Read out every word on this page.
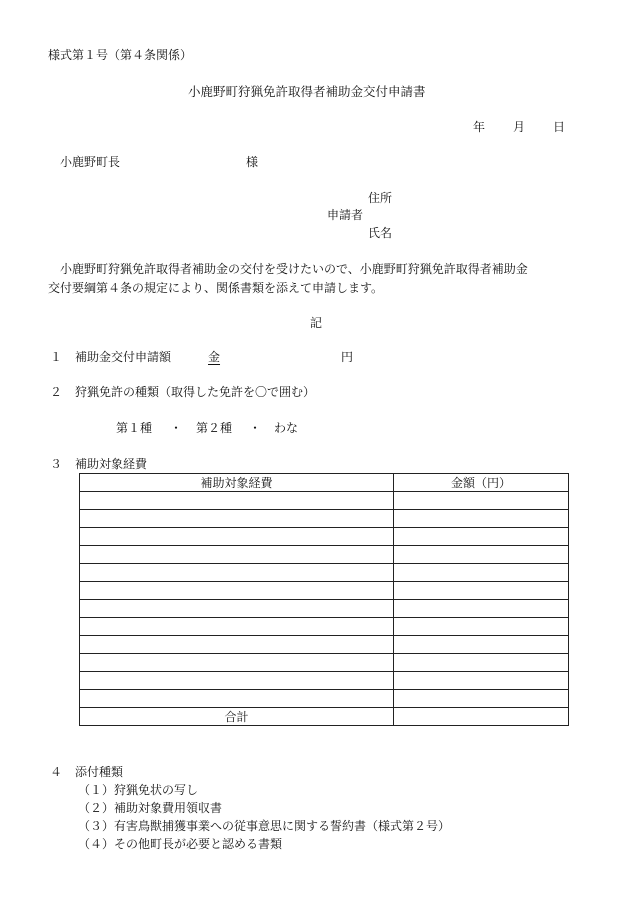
様式第１号（第４条関係）
小鹿野町狩猟免許取得者補助金交付申請書
年 月 日
小鹿野町長	様
住所
申請者
氏名
小鹿野町狩猟免許取得者補助金の交付を受けたいので、小鹿野町狩猟免許取得者補助金
交付要綱第４条の規定により、関係書類を添えて申請します。
記
１ 補助金交付申請額	金	円
２ 狩猟免許の種類（取得した免許を〇で囲む）
第１種 ・ 第２種 ・ わな
３ 補助対象経費
補助対象経費	金額（円）

合計	
４ 添付種類
（１）狩猟免状の写し
（２）補助対象費用領収書
（３）有害鳥獣捕獲事業への従事意思に関する誓約書（様式第２号）
（４）その他町長が必要と認める書類
